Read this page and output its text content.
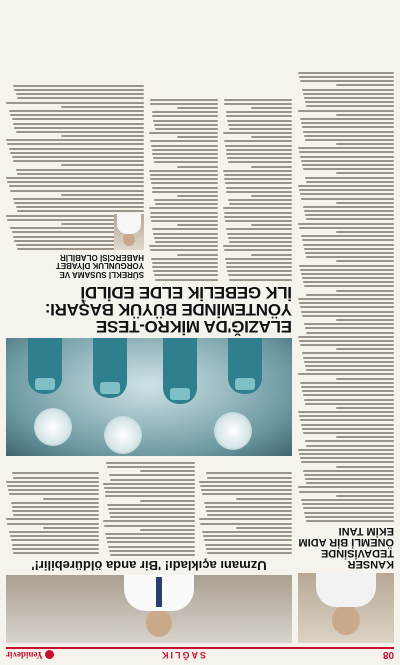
08
SAĞLIK
Yenidevir
KANSER TEDAVİSİNDE
ÖNEMLİ BİR ADIM
EKİM TANI
Uzmanı açıkladı! 'Bir anda öldürebilir!'
ELAZIĞ'DA MİKRO-TESE
YÖNTEMİNDE BÜYÜK BAŞARI:
İLK GEBELİK ELDE EDİLDİ
SÜREKLİ SUSAMA VE
YORGUNLUK DİYABET
HABERCİSİ OLABİLİR
